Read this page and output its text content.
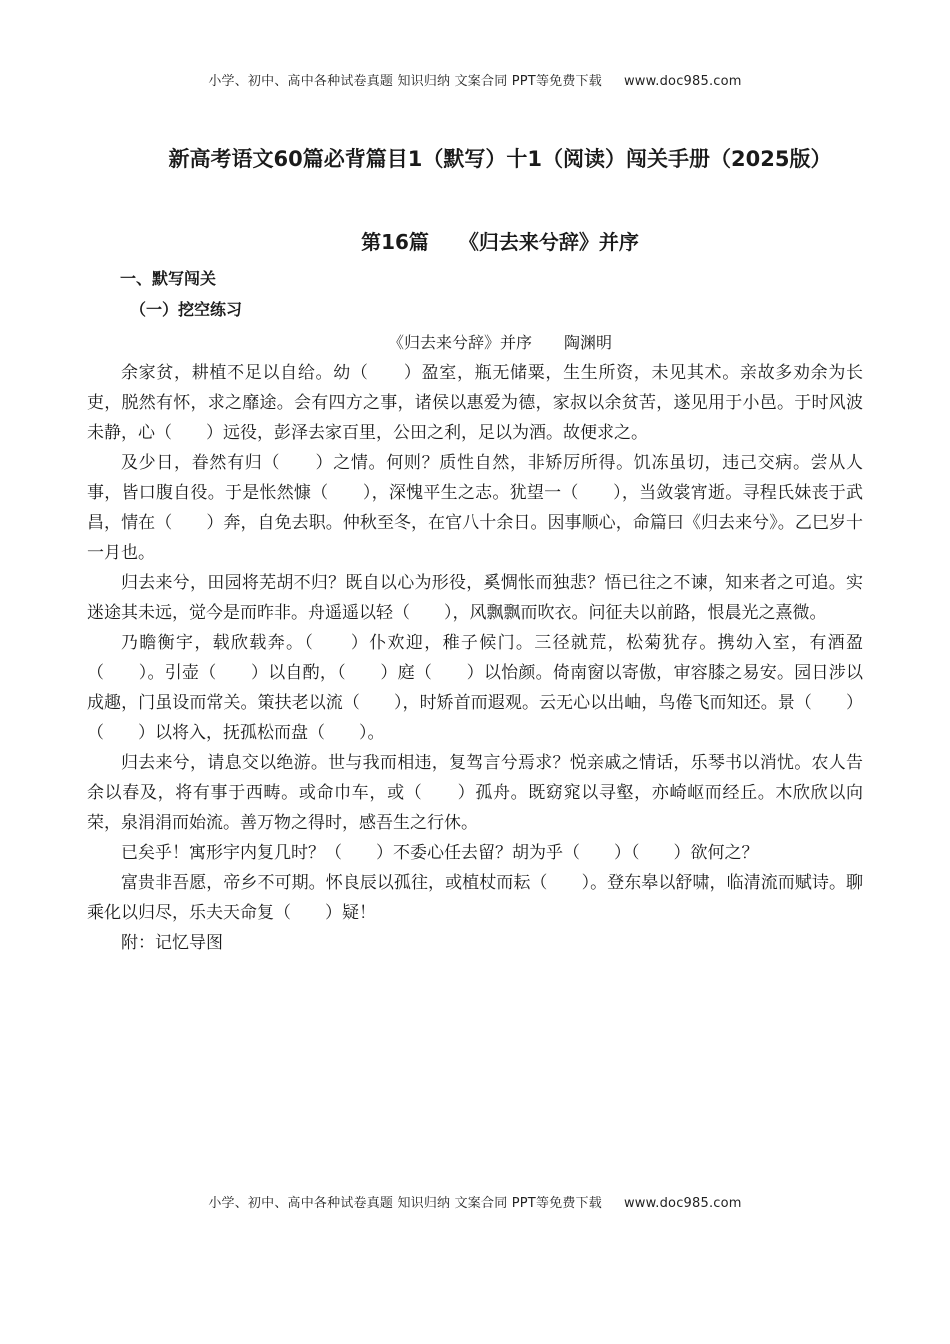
小学、初中、高中各种试卷真题 知识归纳 文案合同 PPT等免费下载 www.doc985.com
新高考语文60篇必背篇目1（默写）十1（阅读）闯关手册（2025版）
第16篇　　《归去来兮辞》并序
一、默写闯关
（一）挖空练习
《归去来兮辞》并序　　陶渊明

余家贫，耕植不足以自给。幼（　　）盈室，瓶无储粟，生生所资，未见其术。亲故多劝余为长吏，脱然有怀，求之靡途。会有四方之事，诸侯以惠爱为德，家叔以余贫苦，遂见用于小邑。于时风波未静，心（　　）远役，彭泽去家百里，公田之利，足以为酒。故便求之。

及少日，眷然有归（　　）之情。何则？质性自然，非矫厉所得。饥冻虽切，违己交病。尝从人事，皆口腹自役。于是怅然慷（　　），深愧平生之志。犹望一（　　），当敛裳宵逝。寻程氏妹丧于武昌，情在（　　）奔，自免去职。仲秋至冬，在官八十余日。因事顺心，命篇曰《归去来兮》。乙巳岁十一月也。

归去来兮，田园将芜胡不归？既自以心为形役，奚惆怅而独悲？悟已往之不谏，知来者之可追。实迷途其未远，觉今是而昨非。舟遥遥以轻（　　），风飘飘而吹衣。问征夫以前路，恨晨光之熹微。

乃瞻衡宇，载欣载奔。（　　）仆欢迎，稚子候门。三径就荒，松菊犹存。携幼入室，有酒盈（　　）。引壶（　　）以自酌，（　　）庭（　　）以怡颜。倚南窗以寄傲，审容膝之易安。园日涉以成趣，门虽设而常关。策扶老以流（　　），时矫首而遐观。云无心以出岫，鸟倦飞而知还。景（　　）（　　）以将入，抚孤松而盘（　　）。

归去来兮，请息交以绝游。世与我而相违，复驾言兮焉求？悦亲戚之情话，乐琴书以消忧。农人告余以春及，将有事于西畴。或命巾车，或（　　）孤舟。既窈窕以寻壑，亦崎岖而经丘。木欣欣以向荣，泉涓涓而始流。善万物之得时，感吾生之行休。

已矣乎！寓形宇内复几时？（　　）不委心任去留？胡为乎（　　）（　　）欲何之？

富贵非吾愿，帝乡不可期。怀良辰以孤往，或植杖而耘（　　）。登东皋以舒啸，临清流而赋诗。聊乘化以归尽，乐夫天命复（　　）疑！

附：记忆导图

小学、初中、高中各种试卷真题 知识归纳 文案合同 PPT等免费下载 www.doc985.com
